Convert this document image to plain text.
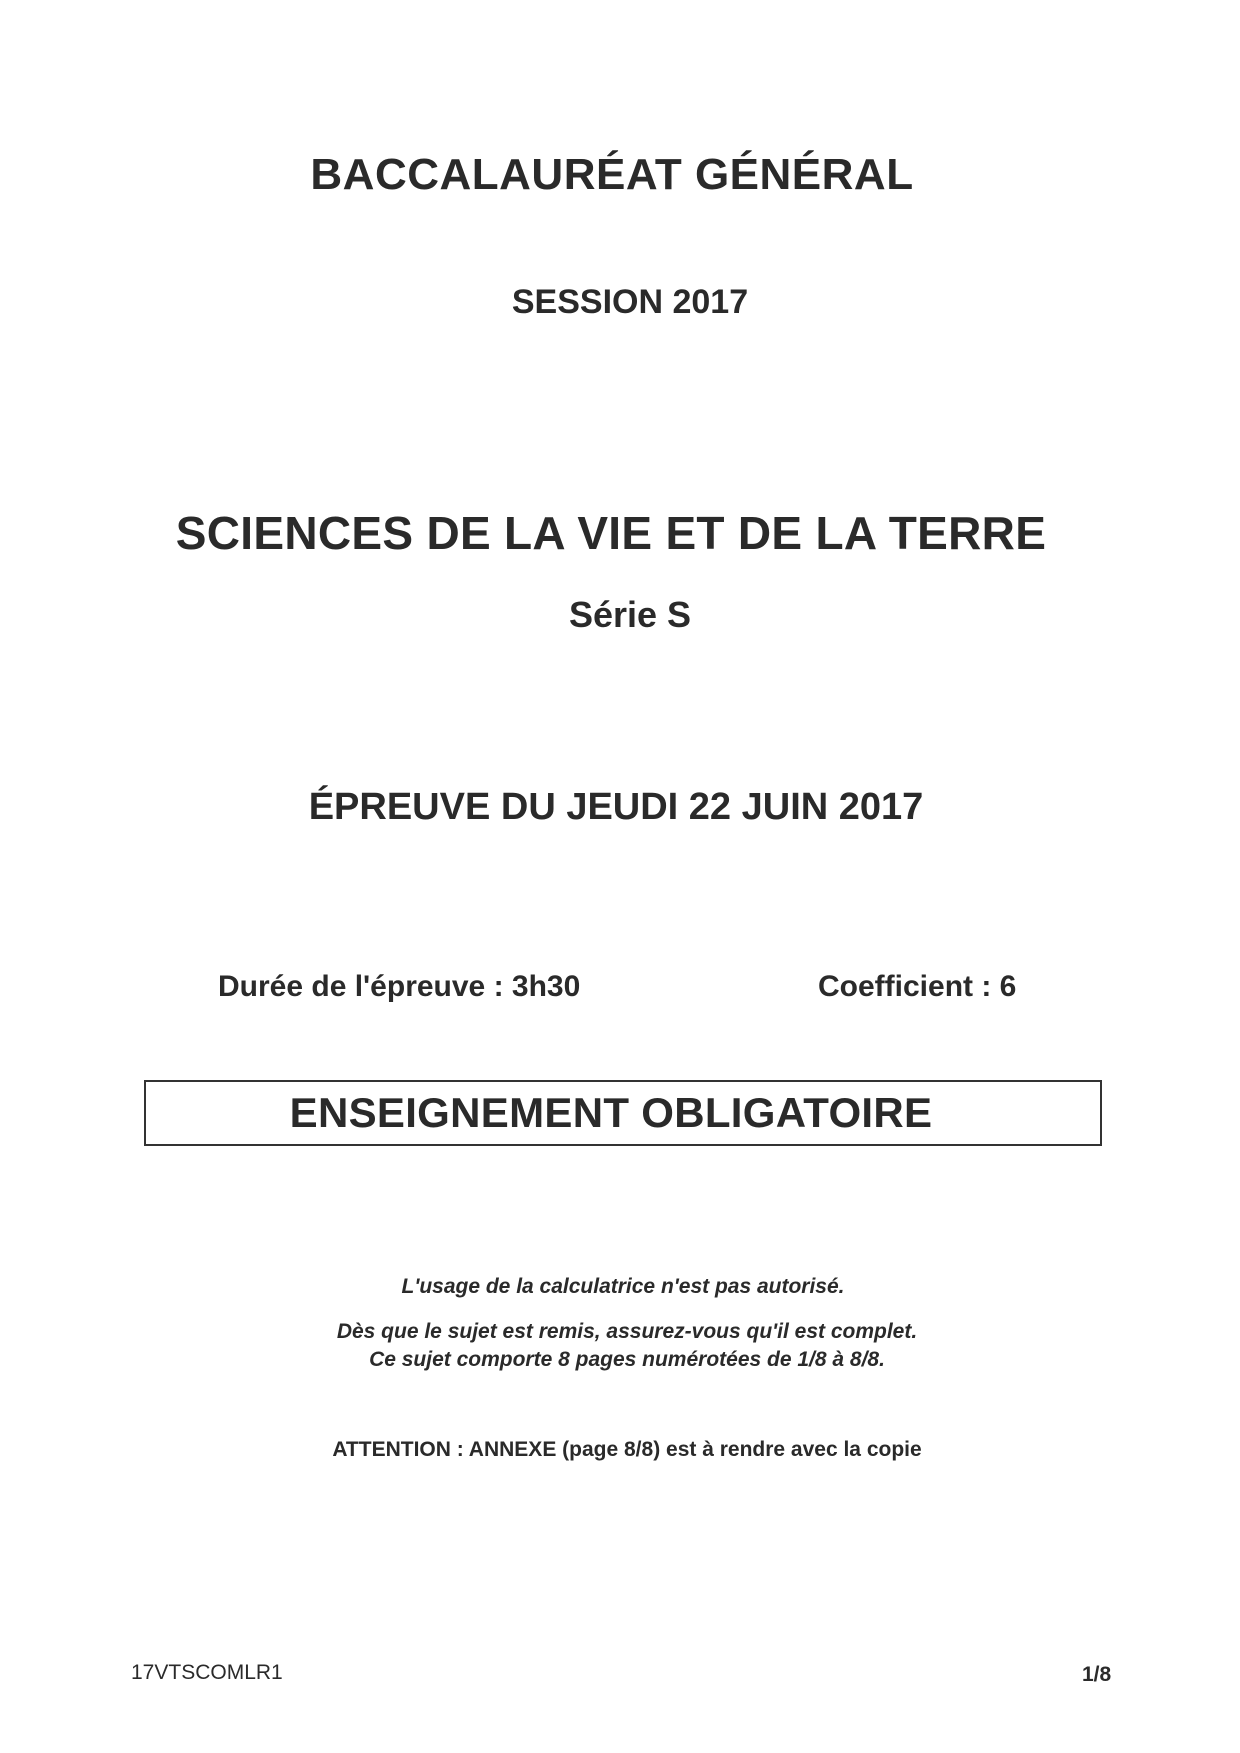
BACCALAURÉAT GÉNÉRAL
SESSION 2017
SCIENCES DE LA VIE ET DE LA TERRE
Série S
ÉPREUVE DU JEUDI 22 JUIN 2017
Durée de l'épreuve : 3h30	Coefficient : 6
ENSEIGNEMENT OBLIGATOIRE
L'usage de la calculatrice n'est pas autorisé.
Dès que le sujet est remis, assurez-vous qu'il est complet.
Ce sujet comporte 8 pages numérotées de 1/8 à 8/8.
ATTENTION : ANNEXE (page 8/8) est à rendre avec la copie
17VTSCOMLR1	1/8
